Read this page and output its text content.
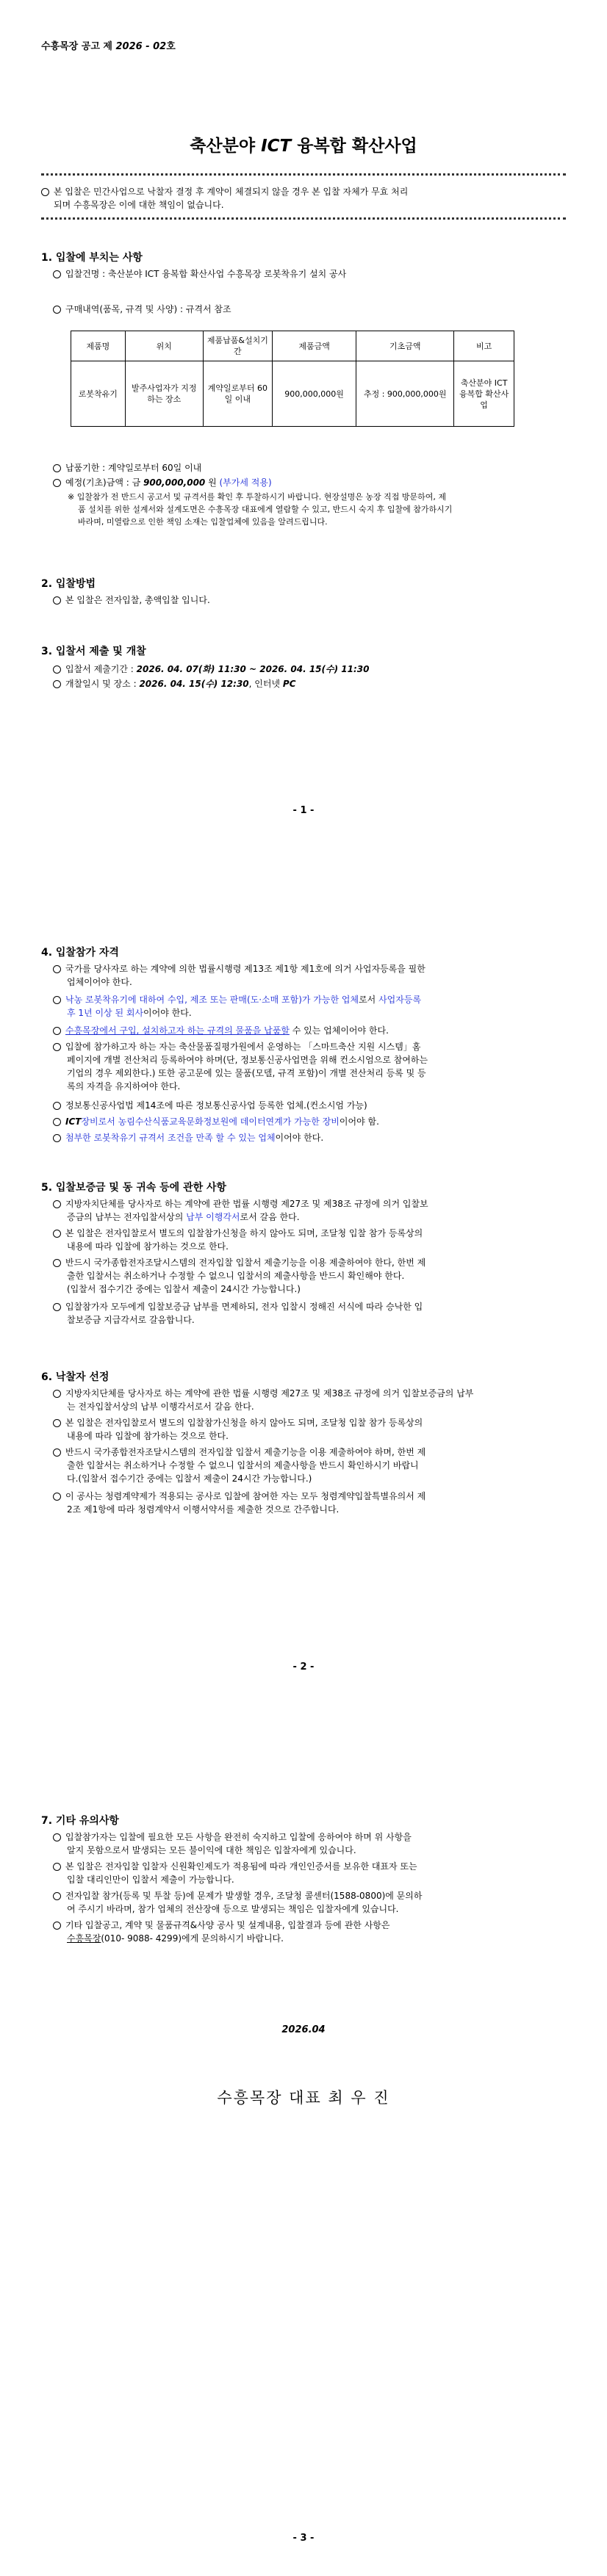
수흥목장 공고 제 2026 - 02호
축산분야 ICT 융복합 확산사업
본 입찰은 민간사업으로 낙찰자 결정 후 계약이 체결되지 않을 경우 본 입찰 자체가 무효 처리
되며 수흥목장은 이에 대한 책임이 없습니다.
1. 입찰에 부치는 사항
입찰건명 : 축산분야 ICT 융복합 확산사업 수흥목장 로봇착유기 설치 공사
구매내역(품목, 규격 및 사양) : 규격서 참조
제품명	위치	제품납품&설치기간	제품금액	기초금액	비고
로봇착유기	발주사업자가 지정하는 장소	계약일로부터 60일 이내	900,000,000원	추정 : 900,000,000원	축산분야 ICT 융복합 확산사업
납품기한 : 계약일로부터 60일 이내
예정(기초)금액 : 금 900,000,000 원 (부가세 적용)
※ 입찰참가 전 반드시 공고서 및 규격서를 확인 후 투찰하시기 바랍니다. 현장설명은 농장 직접 방문하여, 제
품 설치를 위한 설계서와 설계도면은 수흥목장 대표에게 열람할 수 있고, 반드시 숙지 후 입찰에 참가하시기
바라며, 미열람으로 인한 책임 소재는 입찰업체에 있음을 알려드립니다.
2. 입찰방법
본 입찰은 전자입찰, 총액입찰 입니다.
3. 입찰서 제출 및 개찰
입찰서 제출기간 : 2026. 04. 07(화) 11:30 ~ 2026. 04. 15(수) 11:30
개찰일시 및 장소 : 2026. 04. 15(수) 12:30, 인터넷 PC
- 1 -
4. 입찰참가 자격
국가를 당사자로 하는 계약에 의한 법률시행령 제13조 제1항 제1호에 의거 사업자등록을 필한
업체이어야 한다.
낙농 로봇착유기에 대하여 수입, 제조 또는 판매(도·소매 포함)가 가능한 업체로서 사업자등록
후 1년 이상 된 회사이어야 한다.
수흥목장에서 구입, 설치하고자 하는 규격의 물품을 납품할 수 있는 업체이어야 한다.
입찰에 참가하고자 하는 자는 축산물품질평가원에서 운영하는 「스마트축산 지원 시스템」홈
페이지에 개별 전산처리 등록하여야 하며(단, 정보통신공사업면을 위해 컨소시엄으로 참여하는
기업의 경우 제외한다.) 또한 공고문에 있는 물품(모델, 규격 포함)이 개별 전산처리 등록 및 등
록의 자격을 유지하여야 한다.
정보통신공사업법 제14조에 따른 정보통신공사업 등록한 업체.(컨소시엄 가능)
ICT장비로서 농림수산식품교육문화정보원에 데이터연계가 가능한 장비이어야 함.
첨부한 로봇착유기 규격서 조건을 만족 할 수 있는 업체이어야 한다.
5. 입찰보증금 및 동 귀속 등에 관한 사항
지방자치단체를 당사자로 하는 계약에 관한 법률 시행령 제27조 및 제38조 규정에 의거 입찰보
증금의 납부는 전자입찰서상의 납부 이행각서로서 갈음 한다.
본 입찰은 전자입찰로서 별도의 입찰참가신청을 하지 않아도 되며, 조달청 입찰 참가 등록상의
내용에 따라 입찰에 참가하는 것으로 한다.
반드시 국가종합전자조달시스템의 전자입찰 입찰서 제출기능을 이용 제출하여야 한다, 한번 제
출한 입찰서는 취소하거나 수정할 수 없으니 입찰서의 제출사항을 반드시 확인해야 한다.
(입찰서 접수기간 중에는 입찰서 제출이 24시간 가능합니다.)
입찰참가자 모두에게 입찰보증금 납부를 면제하되, 전자 입찰시 정해진 서식에 따라 승낙한 입
찰보증금 지급각서로 갈음합니다.
6. 낙찰자 선정
지방자치단체를 당사자로 하는 계약에 관한 법률 시행령 제27조 및 제38조 규정에 의거 입찰보증금의 납부
는 전자입찰서상의 납부 이행각서로서 갈음 한다.
본 입찰은 전자입찰로서 별도의 입찰참가신청을 하지 않아도 되며, 조달청 입찰 참가 등록상의
내용에 따라 입찰에 참가하는 것으로 한다.
반드시 국가종합전자조달시스템의 전자입찰 입찰서 제출기능을 이용 제출하여야 하며, 한번 제
출한 입찰서는 취소하거나 수정할 수 없으니 입찰서의 제출사항을 반드시 확인하시기 바랍니
다.(입찰서 접수기간 중에는 입찰서 제출이 24시간 가능합니다.)
이 공사는 청렴계약제가 적용되는 공사로 입찰에 참여한 자는 모두 청렴계약입찰특별유의서 제
2조 제1항에 따라 청렴계약서 이행서약서를 제출한 것으로 간주합니다.
- 2 -
7. 기타 유의사항
입찰참가자는 입찰에 필요한 모든 사항을 완전히 숙지하고 입찰에 응하여야 하며 위 사항을
알지 못함으로서 발생되는 모든 불이익에 대한 책임은 입찰자에게 있습니다.
본 입찰은 전자입찰 입찰자 신원확인제도가 적용됨에 따라 개인인증서를 보유한 대표자 또는
입찰 대리인만이 입찰서 제출이 가능합니다.
전자입찰 참가(등록 및 투찰 등)에 문제가 발생할 경우, 조달청 콜센터(1588-0800)에 문의하
여 주시기 바라며, 참가 업체의 전산장애 등으로 발생되는 책임은 입찰자에게 있습니다.
기타 입찰공고, 계약 및 물품규격&사양 공사 및 설계내용, 입찰결과 등에 관한 사항은
수흥목장(010- 9088- 4299)에게 문의하시기 바랍니다.
2026.04
수흥목장 대표 최 우 진
- 3 -
